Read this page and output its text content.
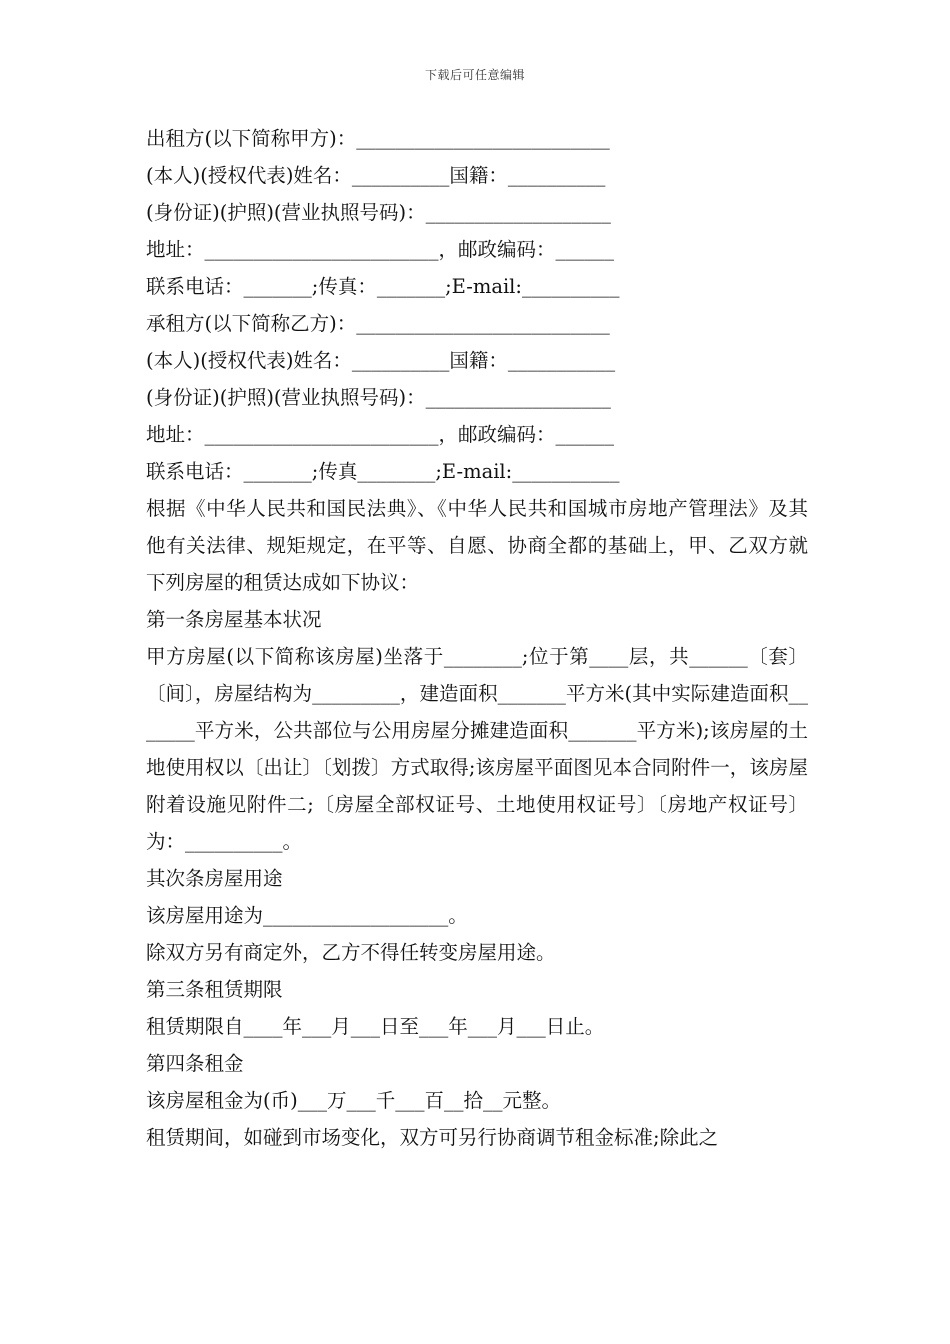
下载后可任意编辑
出租方(以下简称甲方)：__________________________
(本人)(授权代表)姓名：__________国籍：__________
(身份证)(护照)(营业执照号码)：___________________
地址：________________________，邮政编码：______
联系电话：_______;传真：_______;E-mail:__________
承租方(以下简称乙方)：__________________________
(本人)(授权代表)姓名：__________国籍：___________
(身份证)(护照)(营业执照号码)：___________________
地址：________________________，邮政编码：______
联系电话：_______;传真________;E-mail:___________

根据《中华人民共和国民法典》、《中华人民共和国城市房地产管理法》及其他有关法律、规矩规定，在平等、自愿、协商全都的基础上，甲、乙双方就下列房屋的租赁达成如下协议：

第一条房屋基本状况

甲方房屋(以下简称该房屋)坐落于________;位于第____层，共______〔套〕〔间〕，房屋结构为_________，建造面积_______平方米(其中实际建造面积_______平方米，公共部位与公用房屋分摊建造面积_______平方米);该房屋的土地使用权以〔出让〕〔划拨〕方式取得;该房屋平面图见本合同附件一，该房屋附着设施见附件二;〔房屋全部权证号、土地使用权证号〕〔房地产权证号〕为：__________。

其次条房屋用途
该房屋用途为___________________。
除双方另有商定外，乙方不得任转变房屋用途。
第三条租赁期限
租赁期限自____年___月___日至___年___月___日止。
第四条租金
该房屋租金为(币)___万___千___百__拾__元整。
租赁期间，如碰到市场变化，双方可另行协商调节租金标准;除此之
